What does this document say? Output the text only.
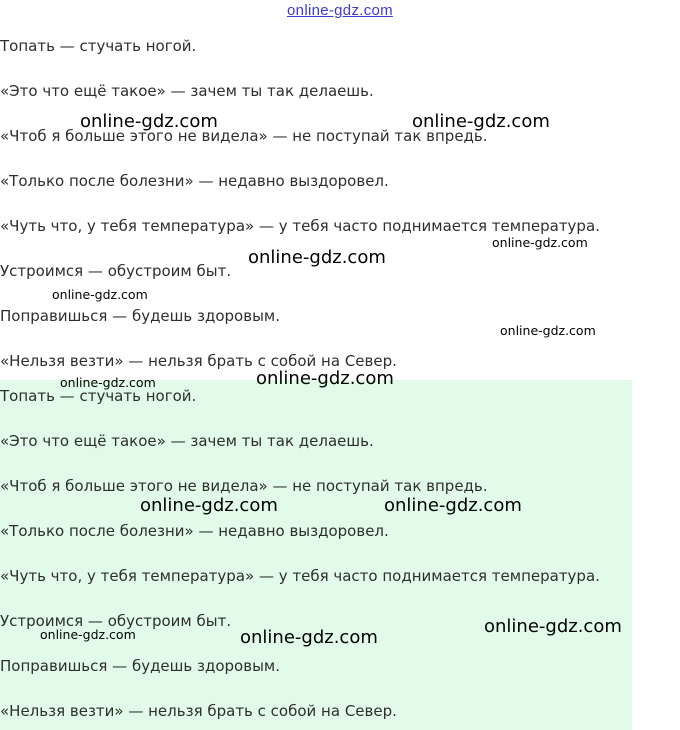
online-gdz.com
Топать — стучать ногой.
«Это что ещё такое» — зачем ты так делаешь.
«Чтоб я больше этого не видела» — не поступай так впредь.
«Только после болезни» — недавно выздоровел.
«Чуть что, у тебя температура» — у тебя часто поднимается температура.
Устроимся — обустроим быт.
Поправишься — будешь здоровым.
«Нельзя везти» — нельзя брать с собой на Север.
Топать — стучать ногой.
«Это что ещё такое» — зачем ты так делаешь.
«Чтоб я больше этого не видела» — не поступай так впредь.
«Только после болезни» — недавно выздоровел.
«Чуть что, у тебя температура» — у тебя часто поднимается температура.
Устроимся — обустроим быт.
Поправишься — будешь здоровым.
«Нельзя везти» — нельзя брать с собой на Север.
online-gdz.com	online-gdz.com
online-gdz.com
online-gdz.com
online-gdz.com
online-gdz.com
online-gdz.com
online-gdz.com
online-gdz.com	online-gdz.com
online-gdz.com
online-gdz.com	online-gdz.com
